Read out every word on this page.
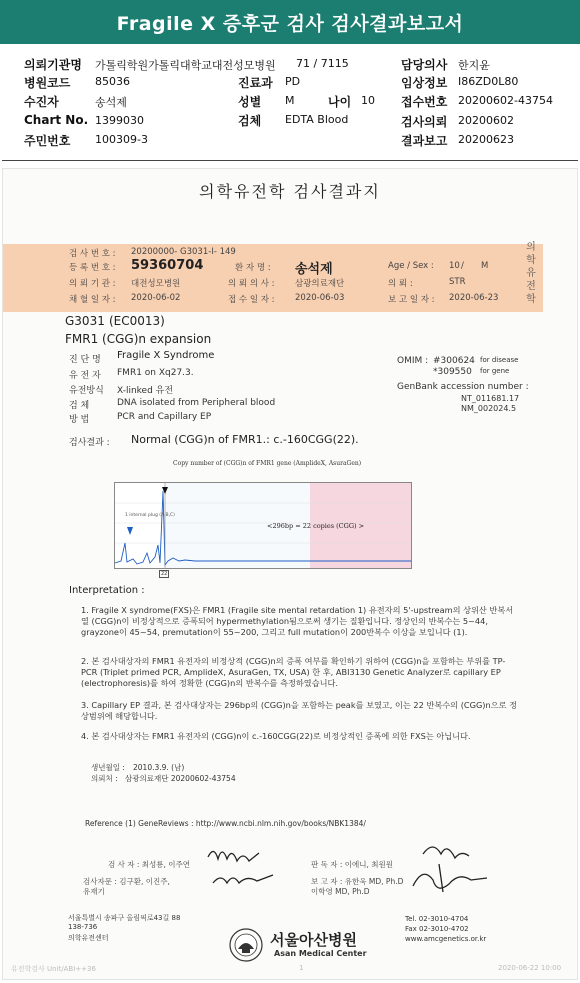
Fragile X 증후군 검사 검사결과보고서
의뢰기관명 가톨릭학원가톨릭대학교대전성모병원 71 / 7115	담당의사 한지윤
병원코드 85036	진료과 PD	임상정보 I86ZD0L80
수진자	송석제	성별 M	나이 10 접수번호 20200602-43754
Chart No. 1399030	검체 EDTA Blood	검사의뢰 20200602
주민번호 100309-3	결과보고 20200623
의학유전학 검사결과지
검 사 번 호 : 20200000- G3031-I- 149
등 록 번 호 : 59360704	환 자 명 : 송석제	Age / Sex : 10 / M
의 뢰 기 관 : 대전성모병원	의 뢰 의 사 : 삼광의료재단	의 뢰 :	STR
채 혈 일 자 : 2020-06-02	접 수 일 자 : 2020-06-03	보 고 일 자 : 2020-06-23
의
학
유
전
학
G3031 (EC0013)
FMR1 (CGG)n expansion
진 단 명 Fragile X Syndrome
유 전 자 FMR1 on Xq27.3.
유전방식 X-linked 유전
검 체	DNA isolated from Peripheral blood
방 법	PCR and Capillary EP
OMIM : #300624 for disease
*309550 for gene
GenBank accession number :
NT_011681.17
NM_002024.5
검사결과 : Normal (CGG)n of FMR1.: c.-160CGG(22).
Copy number of (CGG)n of FMR1 gene (AmplideX, AsuraGen)
1 internal plug (A,B,C)
<296bp = 22 copies (CGG) >
22
Interpretation :
1. Fragile X syndrome(FXS)은 FMR1 (Fragile site mental retardation 1) 유전자의 5'-upstream의 상위산 반복서열 (CGG)n이 비정상적으로 증폭되어 hypermethylation됨으로써 생기는 질환입니다. 정상인의 반복수는 5~44, grayzone이 45~54, premutation이 55~200, 그리고 full mutation이 200반복수 이상을 보입니다 (1).
2. 본 검사대상자의 FMR1 유전자의 비정상적 (CGG)n의 증폭 여부를 확인하기 위하여 (CGG)n을 포함하는 부위를 TP-PCR (Triplet primed PCR, AmplideX, AsuraGen, TX, USA) 한 후, ABI3130 Genetic Analyzer로 capillary EP (electrophoresis)를 하여 정확한 (CGG)n의 반복수를 측정하였습니다.
3. Capillary EP 결과, 본 검사대상자는 296bp의 (CGG)n을 포함하는 peak를 보였고, 이는 22 반복수의 (CGG)n으로 정상범위에 해당합니다.
4. 본 검사대상자는 FMR1 유전자의 (CGG)n이 c.-160CGG(22)로 비정상적인 증폭에 의한 FXS는 아닙니다.
생년월일 : 2010.3.9. (남)
의뢰처 : 삼광의료재단 20200602-43754
Reference (1) GeneReviews : http://www.ncbi.nlm.nih.gov/books/NBK1384/
검 사 자 : 최성룡, 이주연
검사자문 : 김구환, 이진주, 유재기
판 독 자 : 이에니, 최원원
보 고 자 : 유한욱 MD, Ph.D 이학영 MD, Ph.D
서울특별시 송파구 올림픽로43길 88
138-736
의학유전센터	서울아산병원
Asan Medical Center
Tel. 02-3010-4704
Fax 02-3010-4702
www.amcgenetics.or.kr
유전학검사 Unit/ABI++36	1	2020-06-22 10:00
